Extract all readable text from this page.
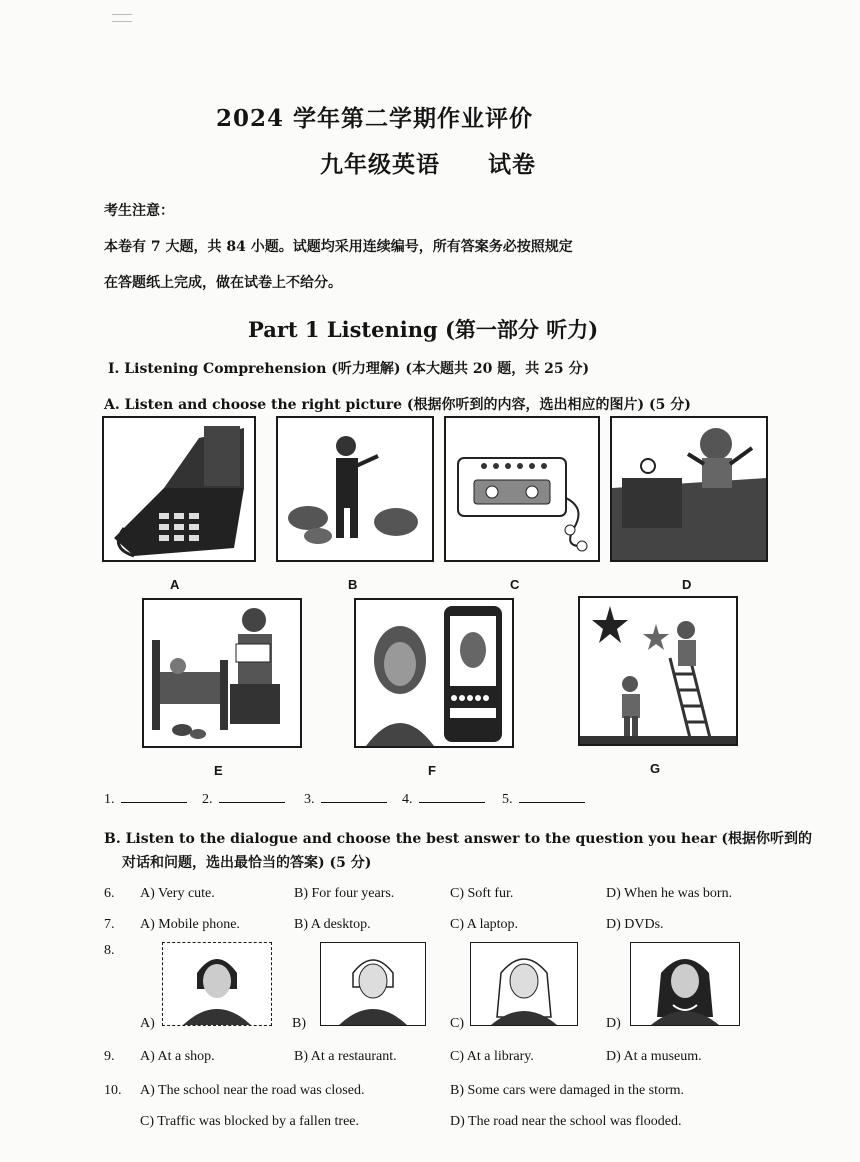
2024 学年第二学期作业评价
九年级英语 试卷
考生注意：
本卷有 7 大题，共 84 小题。试题均采用连续编号，所有答案务必按照规定
在答题纸上完成，做在试卷上不给分。
Part 1 Listening (第一部分 听力)
I. Listening Comprehension (听力理解) (本大题共 20 题，共 25 分)
A. Listen and choose the right picture (根据你听到的内容，选出相应的图片) (5 分)
A	B	C	D
E	F	G
1.	2.	3.	4.	5.
B. Listen to the dialogue and choose the best answer to the question you hear (根据你听到的
对话和问题，选出最恰当的答案) (5 分)
6. A) Very cute.	B) For four years.	C) Soft fur.	D) When he was born.
7. A) Mobile phone.	B) A desktop.	C) A laptop.	D) DVDs.
8.
A)	B)	C)	D)
9. A) At a shop.	B) At a restaurant.	C) At a library.	D) At a museum.
10. A) The school near the road was closed.	B) Some cars were damaged in the storm.
C) Traffic was blocked by a fallen tree.	D) The road near the school was flooded.
